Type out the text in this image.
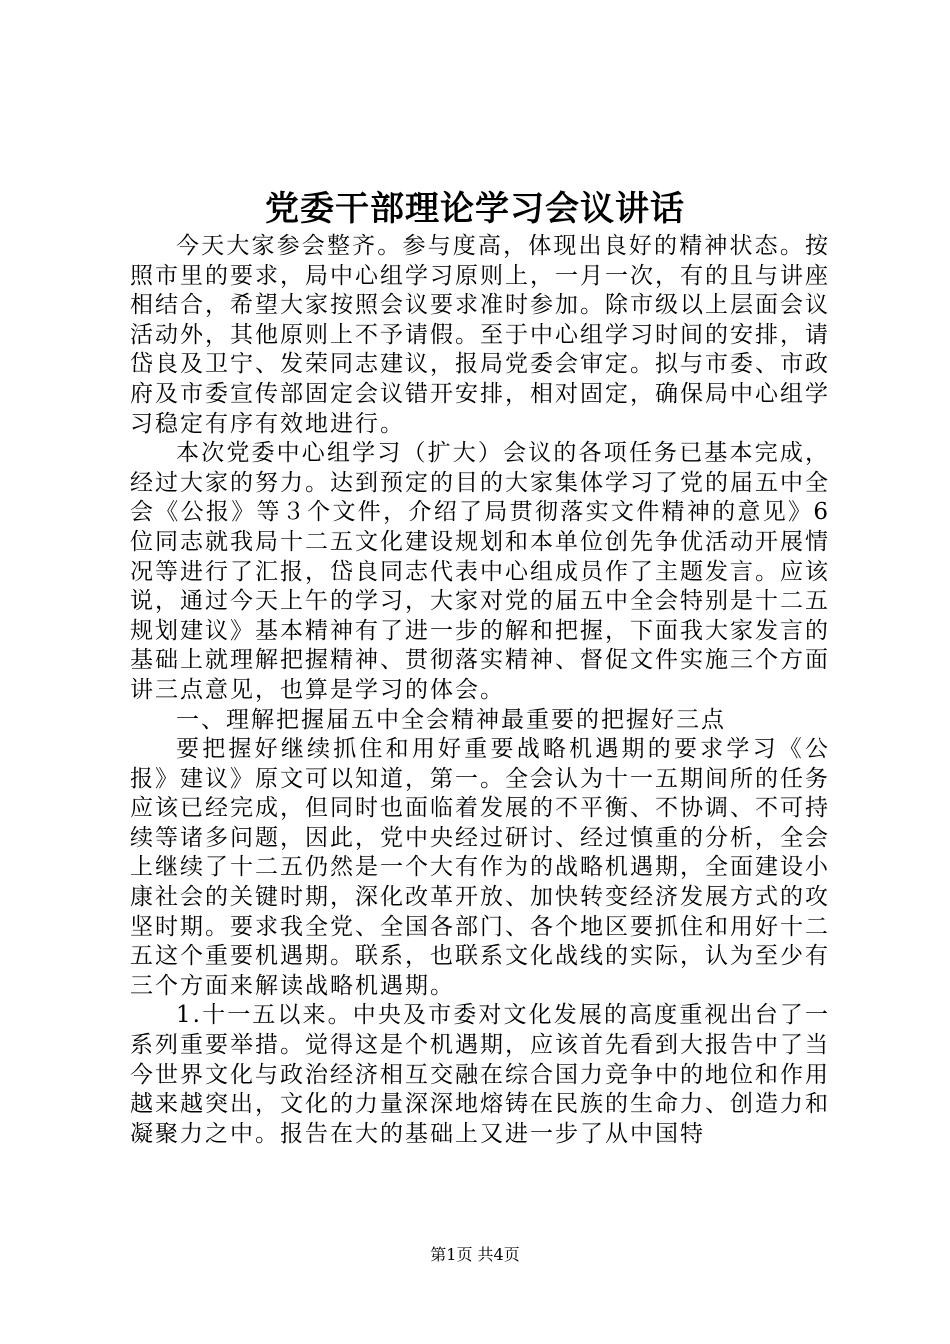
党委干部理论学习会议讲话

今天大家参会整齐。参与度高，体现出良好的精神状态。按照市里的要求，局中心组学习原则上，一月一次，有的且与讲座相结合，希望大家按照会议要求准时参加。除市级以上层面会议活动外，其他原则上不予请假。至于中心组学习时间的安排，请岱良及卫宁、发荣同志建议，报局党委会审定。拟与市委、市政府及市委宣传部固定会议错开安排，相对固定，确保局中心组学习稳定有序有效地进行。

本次党委中心组学习（扩大）会议的各项任务已基本完成，经过大家的努力。达到预定的目的大家集体学习了党的届五中全会《公报》等３个文件，介绍了局贯彻落实文件精神的意见》6位同志就我局十二五文化建设规划和本单位创先争优活动开展情况等进行了汇报，岱良同志代表中心组成员作了主题发言。应该说，通过今天上午的学习，大家对党的届五中全会特别是十二五规划建议》基本精神有了进一步的解和把握，下面我大家发言的基础上就理解把握精神、贯彻落实精神、督促文件实施三个方面讲三点意见，也算是学习的体会。

一、理解把握届五中全会精神最重要的把握好三点

要把握好继续抓住和用好重要战略机遇期的要求学习《公报》建议》原文可以知道，第一。全会认为十一五期间所的任务应该已经完成，但同时也面临着发展的不平衡、不协调、不可持续等诸多问题，因此，党中央经过研讨、经过慎重的分析，全会上继续了十二五仍然是一个大有作为的战略机遇期，全面建设小康社会的关键时期，深化改革开放、加快转变经济发展方式的攻坚时期。要求我全党、全国各部门、各个地区要抓住和用好十二五这个重要机遇期。联系，也联系文化战线的实际，认为至少有三个方面来解读战略机遇期。

1.十一五以来。中央及市委对文化发展的高度重视出台了一系列重要举措。觉得这是个机遇期，应该首先看到大报告中了当今世界文化与政治经济相互交融在综合国力竞争中的地位和作用越来越突出，文化的力量深深地熔铸在民族的生命力、创造力和凝聚力之中。报告在大的基础上又进一步了从中国特

第1页 共4页
